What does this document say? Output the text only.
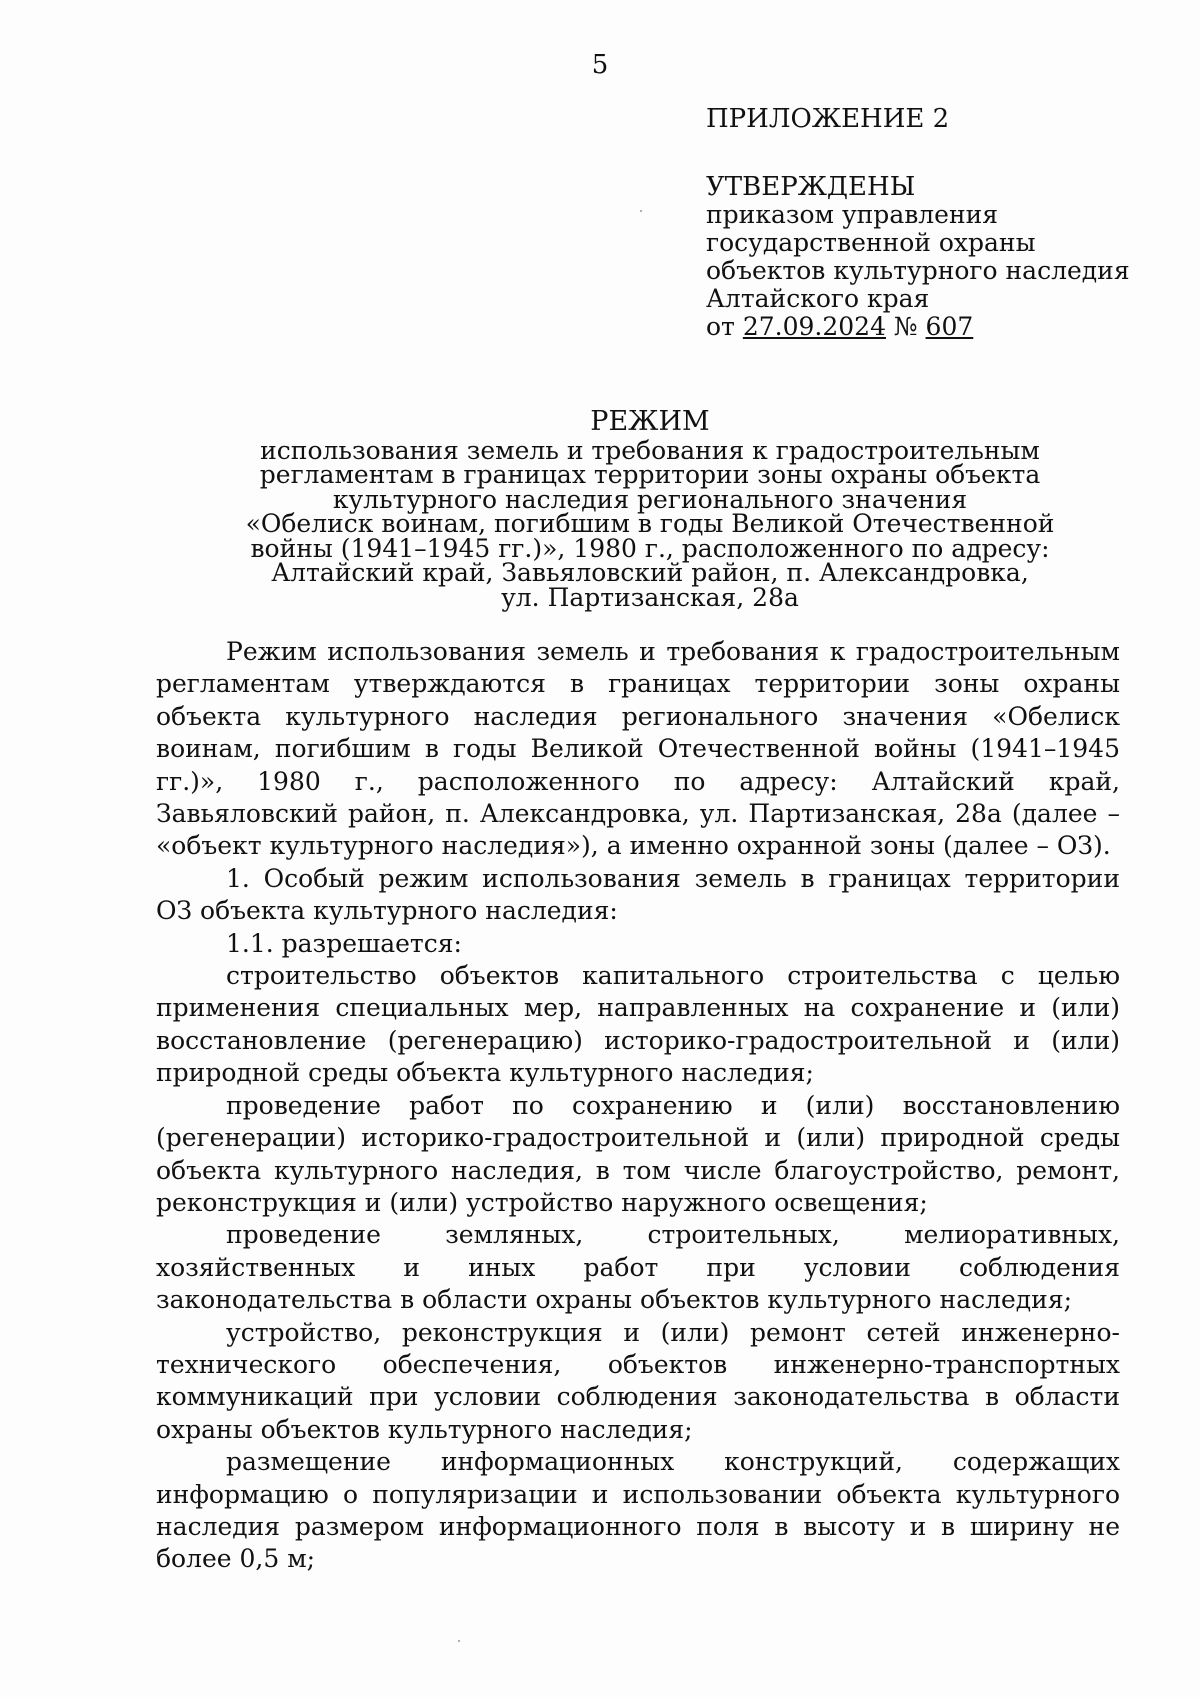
5
ПРИЛОЖЕНИЕ 2
УТВЕРЖДЕНЫ
приказом управления
государственной охраны
объектов культурного наследия
Алтайского края
от 27.09.2024 № 607
РЕЖИМ
использования земель и требования к градостроительным
регламентам в границах территории зоны охраны объекта
культурного наследия регионального значения
«Обелиск воинам, погибшим в годы Великой Отечественной
войны (1941–1945 гг.)», 1980 г., расположенного по адресу:
Алтайский край, Завьяловский район, п. Александровка,
ул. Партизанская, 28а

Режим использования земель и требования к градостроительным регламентам утверждаются в границах территории зоны охраны объекта культурного наследия регионального значения «Обелиск воинам, погибшим в годы Великой Отечественной войны (1941–1945 гг.)», 1980 г., расположенного по адресу: Алтайский край, Завьяловский район, п. Александровка, ул. Партизанская, 28а (далее – «объект культурного наследия»), а именно охранной зоны (далее – ОЗ).

1. Особый режим использования земель в границах территории ОЗ объекта культурного наследия:

1.1. разрешается:

строительство объектов капитального строительства с целью применения специальных мер, направленных на сохранение и (или) восстановление (регенерацию) историко-градостроительной и (или) природной среды объекта культурного наследия;

проведение работ по сохранению и (или) восстановлению (регенерации) историко-градостроительной и (или) природной среды объекта культурного наследия, в том числе благоустройство, ремонт, реконструкция и (или) устройство наружного освещения;

проведение земляных, строительных, мелиоративных, хозяйственных и иных работ при условии соблюдения законодательства в области охраны объектов культурного наследия;

устройство, реконструкция и (или) ремонт сетей инженерно-технического обеспечения, объектов инженерно-транспортных коммуникаций при условии соблюдения законодательства в области охраны объектов культурного наследия;

размещение информационных конструкций, содержащих информацию о популяризации и использовании объекта культурного наследия размером информационного поля в высоту и в ширину не более 0,5 м;
